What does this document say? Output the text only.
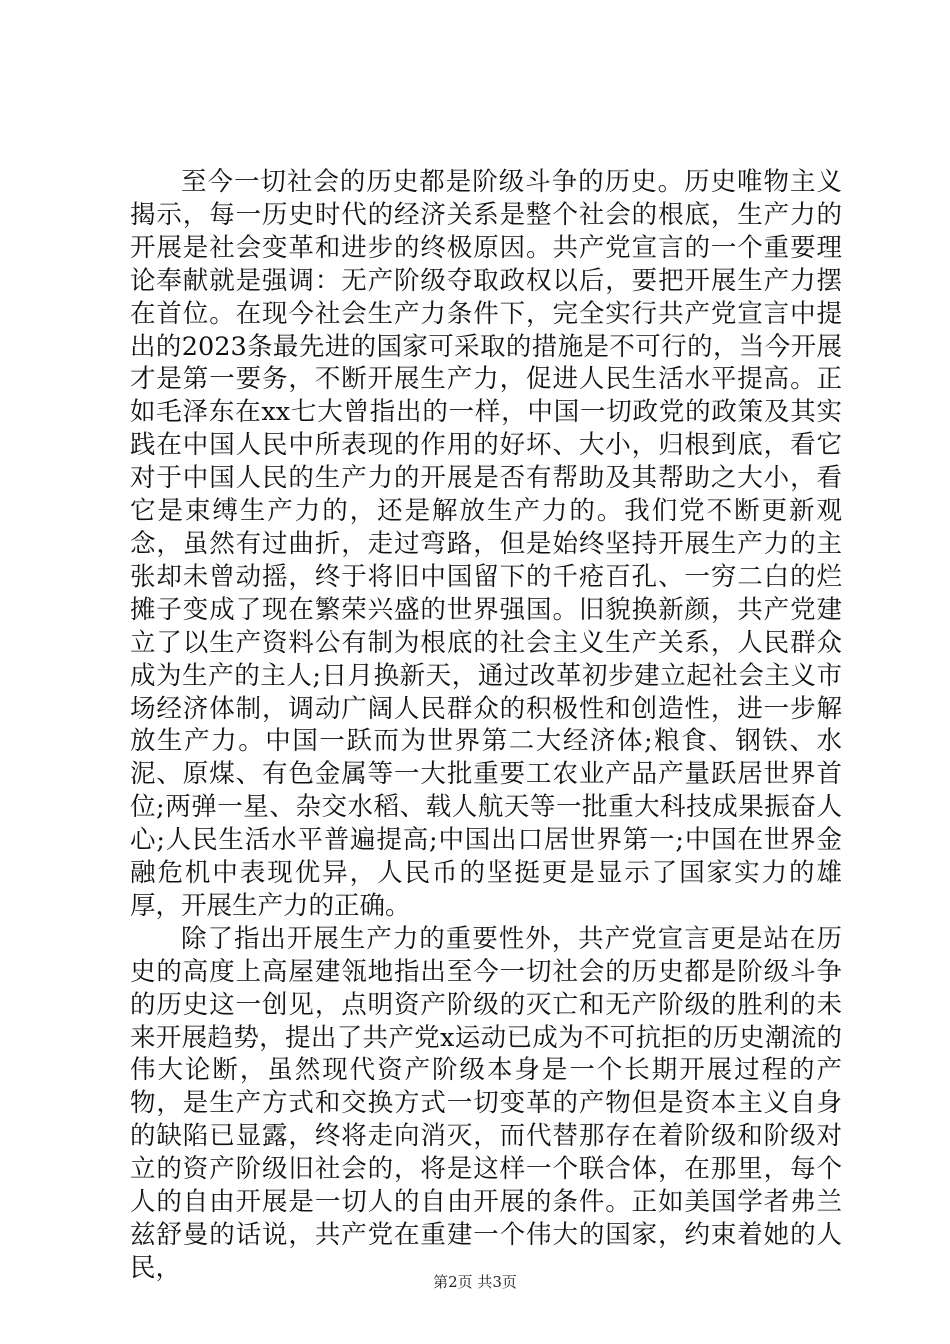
至今一切社会的历史都是阶级斗争的历史。历史唯物主义揭示，每一历史时代的经济关系是整个社会的根底，生产力的开展是社会变革和进步的终极原因。共产党宣言的一个重要理论奉献就是强调：无产阶级夺取政权以后，要把开展生产力摆在首位。在现今社会生产力条件下，完全实行共产党宣言中提出的2023条最先进的国家可采取的措施是不可行的，当今开展才是第一要务，不断开展生产力，促进人民生活水平提高。正如毛泽东在xx七大曾指出的一样，中国一切政党的政策及其实践在中国人民中所表现的作用的好坏、大小，归根到底，看它对于中国人民的生产力的开展是否有帮助及其帮助之大小，看它是束缚生产力的，还是解放生产力的。我们党不断更新观念，虽然有过曲折，走过弯路，但是始终坚持开展生产力的主张却未曾动摇，终于将旧中国留下的千疮百孔、一穷二白的烂摊子变成了现在繁荣兴盛的世界强国。旧貌换新颜，共产党建立了以生产资料公有制为根底的社会主义生产关系，人民群众成为生产的主人;日月换新天，通过改革初步建立起社会主义市场经济体制，调动广阔人民群众的积极性和创造性，进一步解放生产力。中国一跃而为世界第二大经济体;粮食、钢铁、水泥、原煤、有色金属等一大批重要工农业产品产量跃居世界首位;两弹一星、杂交水稻、载人航天等一批重大科技成果振奋人心;人民生活水平普遍提高;中国出口居世界第一;中国在世界金融危机中表现优异，人民币的坚挺更是显示了国家实力的雄厚，开展生产力的正确。

除了指出开展生产力的重要性外，共产党宣言更是站在历史的高度上高屋建瓴地指出至今一切社会的历史都是阶级斗争的历史这一创见，点明资产阶级的灭亡和无产阶级的胜利的未来开展趋势，提出了共产党x运动已成为不可抗拒的历史潮流的伟大论断，虽然现代资产阶级本身是一个长期开展过程的产物，是生产方式和交换方式一切变革的产物但是资本主义自身的缺陷已显露，终将走向消灭，而代替那存在着阶级和阶级对立的资产阶级旧社会的，将是这样一个联合体，在那里，每个人的自由开展是一切人的自由开展的条件。正如美国学者弗兰兹舒曼的话说，共产党在重建一个伟大的国家，约束着她的人民，	第2页 共3页
